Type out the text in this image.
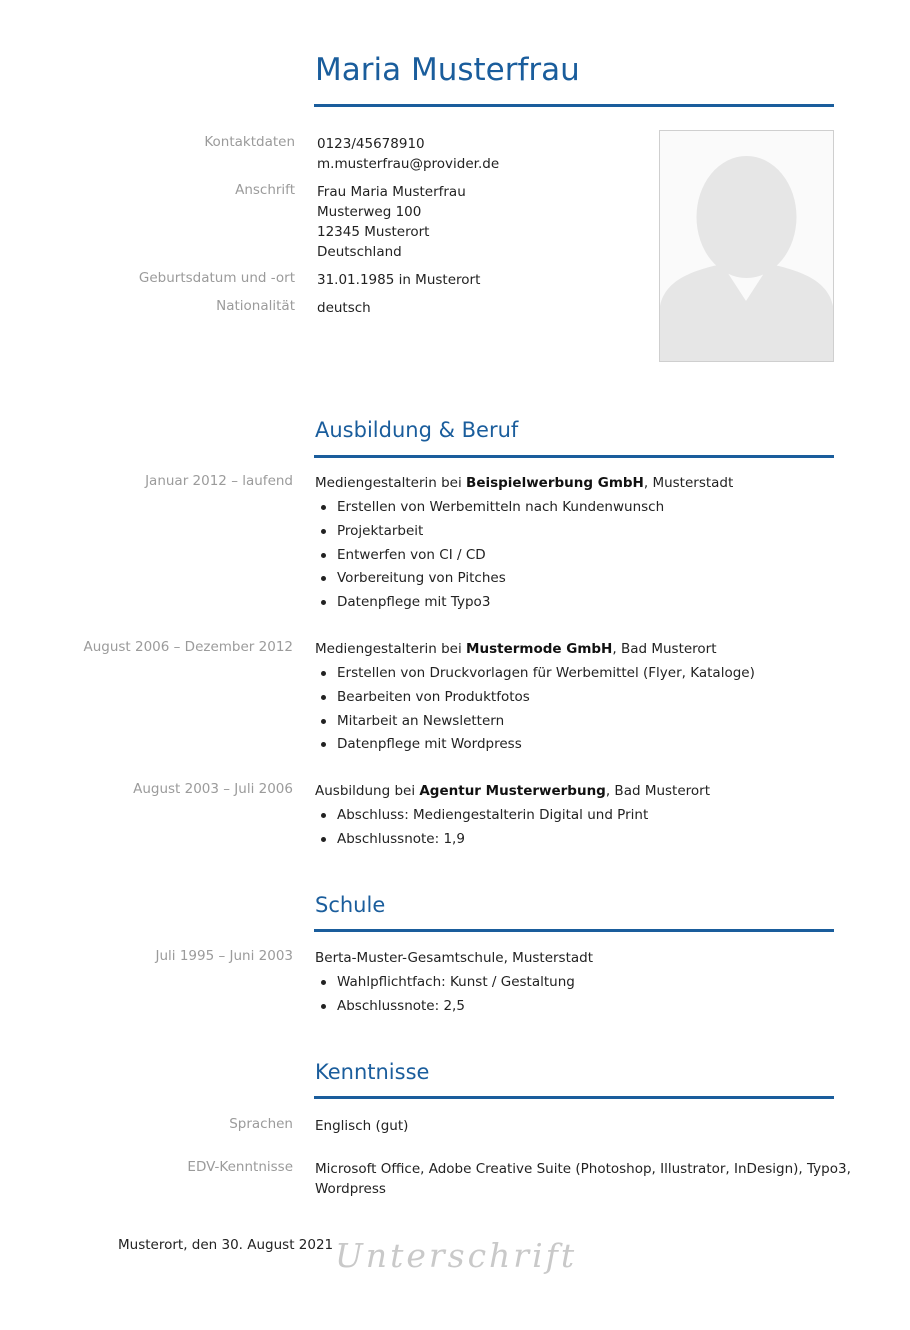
Maria Musterfrau
Kontaktdaten 0123/45678910
m.musterfrau@provider.de
Anschrift Frau Maria Musterfrau
Musterweg 100
12345 Musterort
Deutschland
Geburtsdatum und -ort 31.01.1985 in Musterort
Nationalität deutsch
Ausbildung & Beruf
Januar 2012 – laufend Mediengestalterin bei Beispielwerbung GmbH, Musterstadt
Erstellen von Werbemitteln nach Kundenwunsch
Projektarbeit
Entwerfen von CI / CD
Vorbereitung von Pitches
Datenpflege mit Typo3
August 2006 – Dezember 2012 Mediengestalterin bei Mustermode GmbH, Bad Musterort
Erstellen von Druckvorlagen für Werbemittel (Flyer, Kataloge)
Bearbeiten von Produktfotos
Mitarbeit an Newslettern
Datenpflege mit Wordpress
August 2003 – Juli 2006 Ausbildung bei Agentur Musterwerbung, Bad Musterort
Abschluss: Mediengestalterin Digital und Print
Abschlussnote: 1,9
Schule
Juli 1995 – Juni 2003 Berta-Muster-Gesamtschule, Musterstadt
Wahlpflichtfach: Kunst / Gestaltung
Abschlussnote: 2,5
Kenntnisse
Sprachen Englisch (gut)
EDV-Kenntnisse Microsoft Office, Adobe Creative Suite (Photoshop, Illustrator, InDesign), Typo3,
Wordpress
Musterort, den 30. August 2021 Unterschrift
